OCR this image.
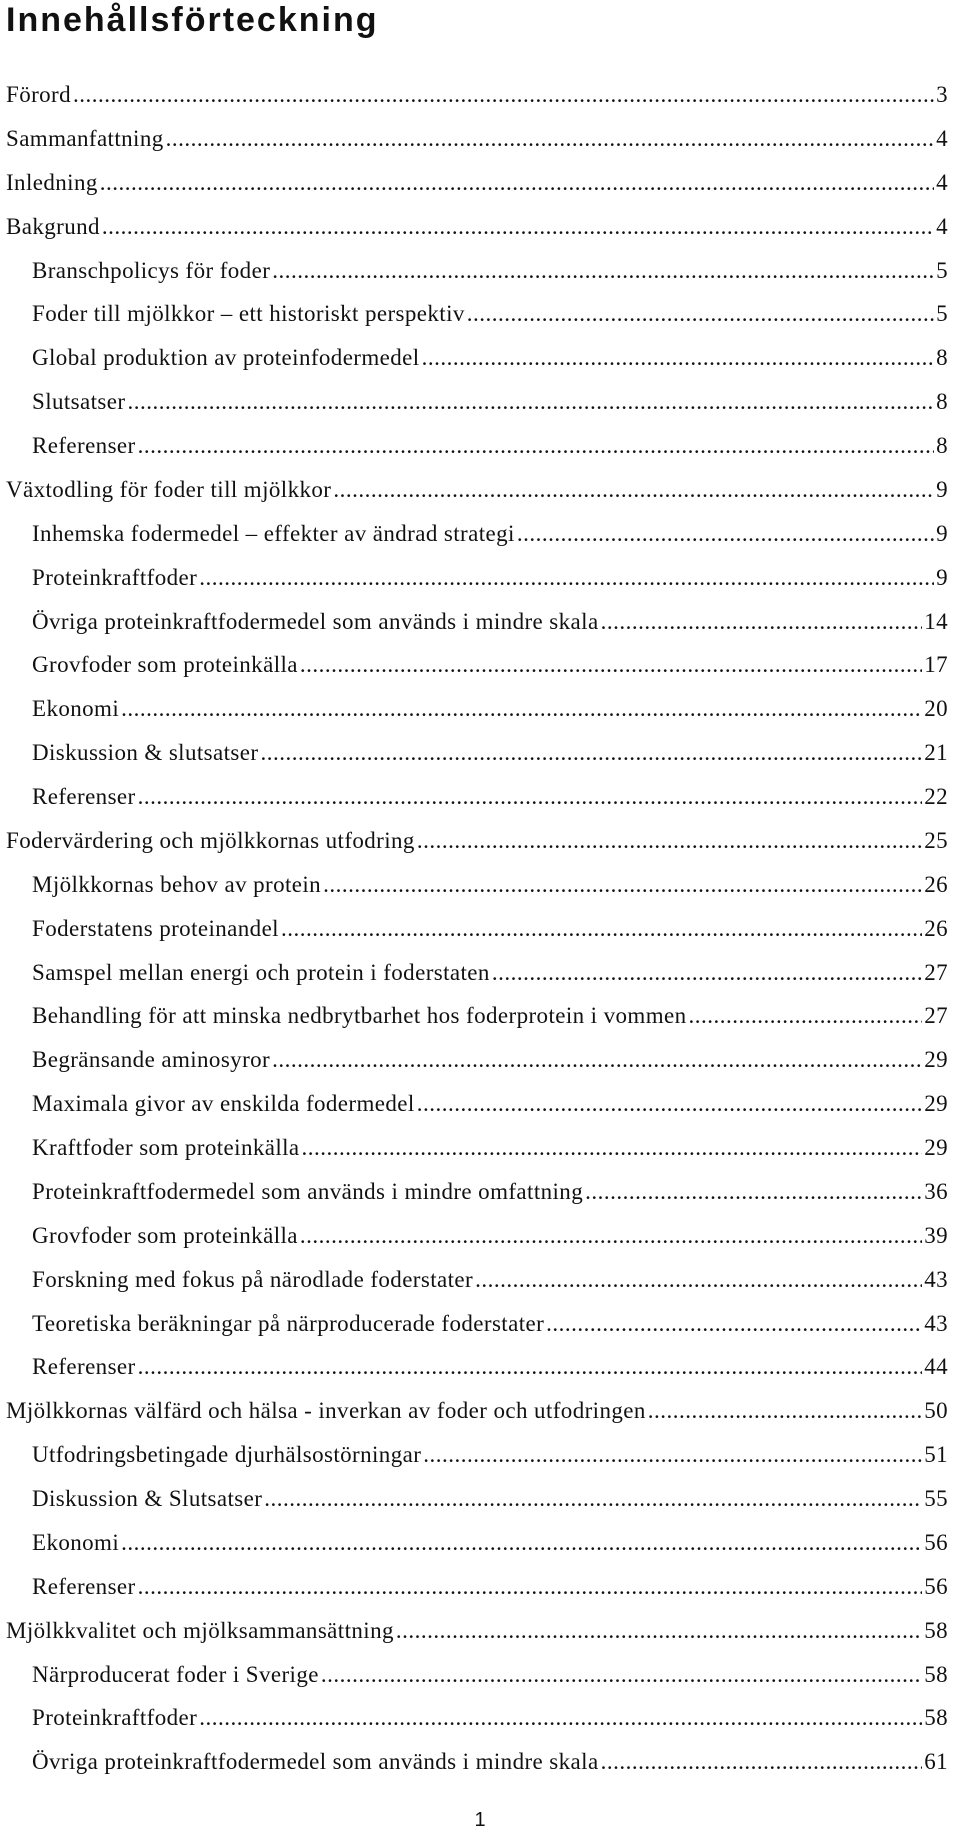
Innehållsförteckning
Förord .....	3
Sammanfattning .....	4
Inledning .....	4
Bakgrund .....	4
Branschpolicys för foder .....	5
Foder till mjölkkor – ett historiskt perspektiv .....	5
Global produktion av proteinfodermedel .....	8
Slutsatser .....	8
Referenser .....	8
Växtodling för foder till mjölkkor .....	9
Inhemska fodermedel – effekter av ändrad strategi .....	9
Proteinkraftfoder .....	9
Övriga proteinkraftfodermedel som används i mindre skala .....	14
Grovfoder som proteinkälla .....	17
Ekonomi .....	20
Diskussion & slutsatser .....	21
Referenser .....	22
Fodervärdering och mjölkkornas utfodring .....	25
Mjölkkornas behov av protein .....	26
Foderstatens proteinandel .....	26
Samspel mellan energi och protein i foderstaten .....	27
Behandling för att minska nedbrytbarhet hos foderprotein i vommen .....	27
Begränsande aminosyror .....	29
Maximala givor av enskilda fodermedel .....	29
Kraftfoder som proteinkälla .....	29
Proteinkraftfodermedel som används i mindre omfattning .....	36
Grovfoder som proteinkälla .....	39
Forskning med fokus på närodlade foderstater .....	43
Teoretiska beräkningar på närproducerade foderstater .....	43
Referenser .....	44
Mjölkkornas välfärd och hälsa - inverkan av foder och utfodringen .....	50
Utfodringsbetingade djurhälsostörningar .....	51
Diskussion & Slutsatser .....	55
Ekonomi .....	56
Referenser .....	56
Mjölkkvalitet och mjölksammansättning .....	58
Närproducerat foder i Sverige .....	58
Proteinkraftfoder .....	58
Övriga proteinkraftfodermedel som används i mindre skala .....	61
1
